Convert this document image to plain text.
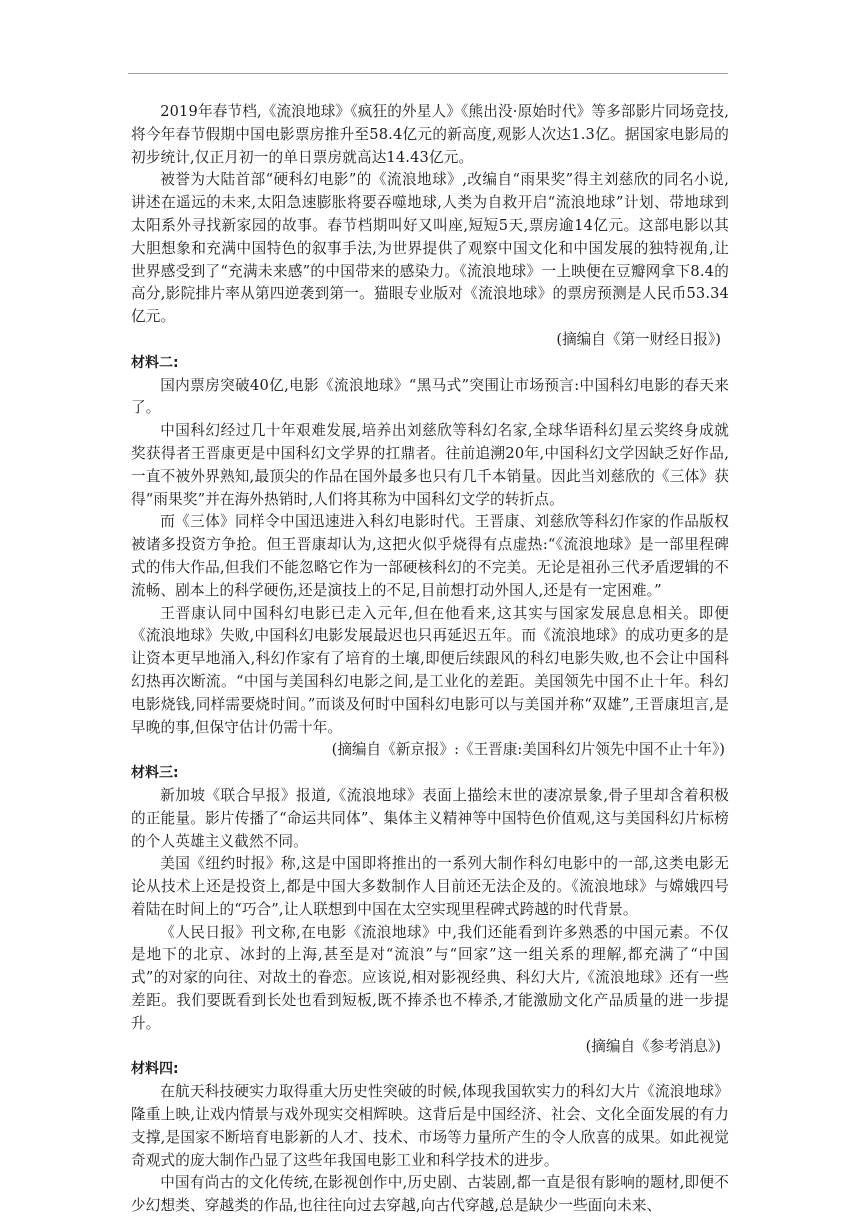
2019年春节档,《流浪地球》《疯狂的外星人》《熊出没·原始时代》等多部影片同场竞技,将今年春节假期中国电影票房推升至58.4亿元的新高度,观影人次达1.3亿。据国家电影局的初步统计,仅正月初一的单日票房就高达14.43亿元。

被誉为大陆首部“硬科幻电影”的《流浪地球》,改编自“雨果奖”得主刘慈欣的同名小说,讲述在遥远的未来,太阳急速膨胀将要吞噬地球,人类为自救开启“流浪地球”计划、带地球到太阳系外寻找新家园的故事。春节档期叫好又叫座,短短5天,票房逾14亿元。这部电影以其大胆想象和充满中国特色的叙事手法,为世界提供了观察中国文化和中国发展的独特视角,让世界感受到了“充满未来感”的中国带来的感染力。《流浪地球》一上映便在豆瓣网拿下8.4的高分,影院排片率从第四逆袭到第一。猫眼专业版对《流浪地球》的票房预测是人民币53.34亿元。

(摘编自《第一财经日报》)

材料二:

国内票房突破40亿,电影《流浪地球》“黑马式”突围让市场预言:中国科幻电影的春天来了。

中国科幻经过几十年艰难发展,培养出刘慈欣等科幻名家,全球华语科幻星云奖终身成就奖获得者王晋康更是中国科幻文学界的扛鼎者。往前追溯20年,中国科幻文学因缺乏好作品,一直不被外界熟知,最顶尖的作品在国外最多也只有几千本销量。因此当刘慈欣的《三体》获得“雨果奖”并在海外热销时,人们将其称为中国科幻文学的转折点。

而《三体》同样令中国迅速进入科幻电影时代。王晋康、刘慈欣等科幻作家的作品版权被诸多投资方争抢。但王晋康却认为,这把火似乎烧得有点虚热:“《流浪地球》是一部里程碑式的伟大作品,但我们不能忽略它作为一部硬核科幻的不完美。无论是祖孙三代矛盾逻辑的不流畅、剧本上的科学硬伤,还是演技上的不足,目前想打动外国人,还是有一定困难。”

王晋康认同中国科幻电影已走入元年,但在他看来,这其实与国家发展息息相关。即便《流浪地球》失败,中国科幻电影发展最迟也只再延迟五年。而《流浪地球》的成功更多的是让资本更早地涌入,科幻作家有了培育的土壤,即便后续跟风的科幻电影失败,也不会让中国科幻热再次断流。“中国与美国科幻电影之间,是工业化的差距。美国领先中国不止十年。科幻电影烧钱,同样需要烧时间。”而谈及何时中国科幻电影可以与美国并称“双雄”,王晋康坦言,是早晚的事,但保守估计仍需十年。

(摘编自《新京报》:《王晋康:美国科幻片领先中国不止十年》)

材料三:

新加坡《联合早报》报道,《流浪地球》表面上描绘末世的凄凉景象,骨子里却含着积极的正能量。影片传播了“命运共同体”、集体主义精神等中国特色价值观,这与美国科幻片标榜的个人英雄主义截然不同。

美国《纽约时报》称,这是中国即将推出的一系列大制作科幻电影中的一部,这类电影无论从技术上还是投资上,都是中国大多数制作人目前还无法企及的。《流浪地球》与嫦娥四号着陆在时间上的“巧合”,让人联想到中国在太空实现里程碑式跨越的时代背景。

《人民日报》刊文称,在电影《流浪地球》中,我们还能看到许多熟悉的中国元素。不仅是地下的北京、冰封的上海,甚至是对“流浪”与“回家”这一组关系的理解,都充满了“中国式”的对家的向往、对故土的眷恋。应该说,相对影视经典、科幻大片,《流浪地球》还有一些差距。我们要既看到长处也看到短板,既不捧杀也不棒杀,才能激励文化产品质量的进一步提升。

(摘编自《参考消息》)

材料四:

在航天科技硬实力取得重大历史性突破的时候,体现我国软实力的科幻大片《流浪地球》隆重上映,让戏内情景与戏外现实交相辉映。这背后是中国经济、社会、文化全面发展的有力支撑,是国家不断培育电影新的人才、技术、市场等力量所产生的令人欣喜的成果。如此视觉奇观式的庞大制作凸显了这些年我国电影工业和科学技术的进步。

中国有尚古的文化传统,在影视创作中,历史剧、古装剧,都一直是很有影响的题材,即便不少幻想类、穿越类的作品,也往往向过去穿越,向古代穿越,总是缺少一些面向未来、
